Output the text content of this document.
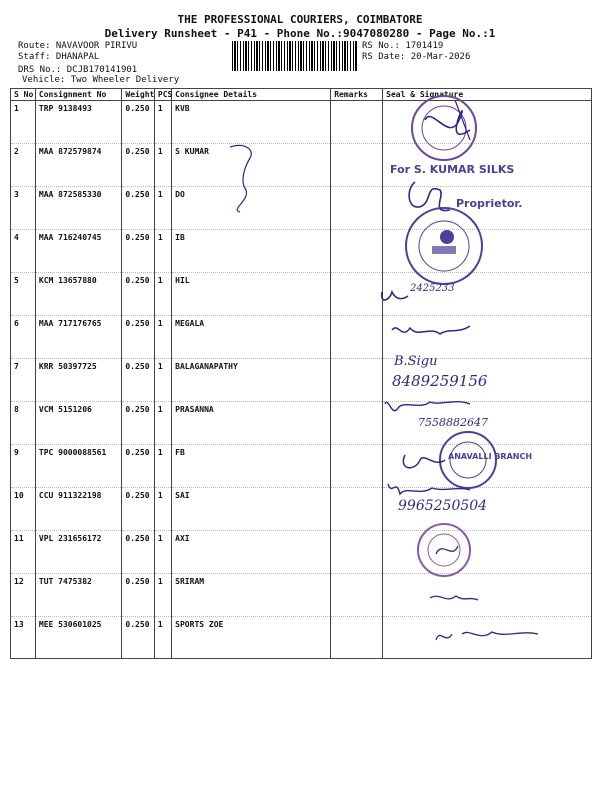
THE PROFESSIONAL COURIERS, COIMBATORE
Delivery Runsheet - P41 - Phone No.:9047080280 - Page No.:1
Route: NAVAVOOR PIRIVU
Staff: DHANAPAL
DRS No.: DCJB170141901
Vehicle: Two Wheeler Delivery
RS No.: 1701419
RS Date: 20-Mar-2026
S No	Consignment No	Weight	PCS	Consignee Details	Remarks	Seal & Signature
1	TRP 9138493	0.250	1	KVB		
2	MAA 872579874	0.250	1	S KUMAR		
3	MAA 872585330	0.250	1	DO		
4	MAA 716240745	0.250	1	IB		
5	KCM 13657880	0.250	1	HIL		
6	MAA 717176765	0.250	1	MEGALA		
7	KRR 50397725	0.250	1	BALAGANAPATHY		
8	VCM 5151206	0.250	1	PRASANNA		
9	TPC 9000088561	0.250	1	FB		
10	CCU 911322198	0.250	1	SAI		
11	VPL 231656172	0.250	1	AXI		
12	TUT 7475382	0.250	1	SRIRAM		
13	MEE 530601025	0.250	1	SPORTS ZOE		
For S. KUMAR SILKS
Proprietor.
2425233
B.Sigu
8489259156
7558882647
ANAVALLI BRANCH
9965250504
